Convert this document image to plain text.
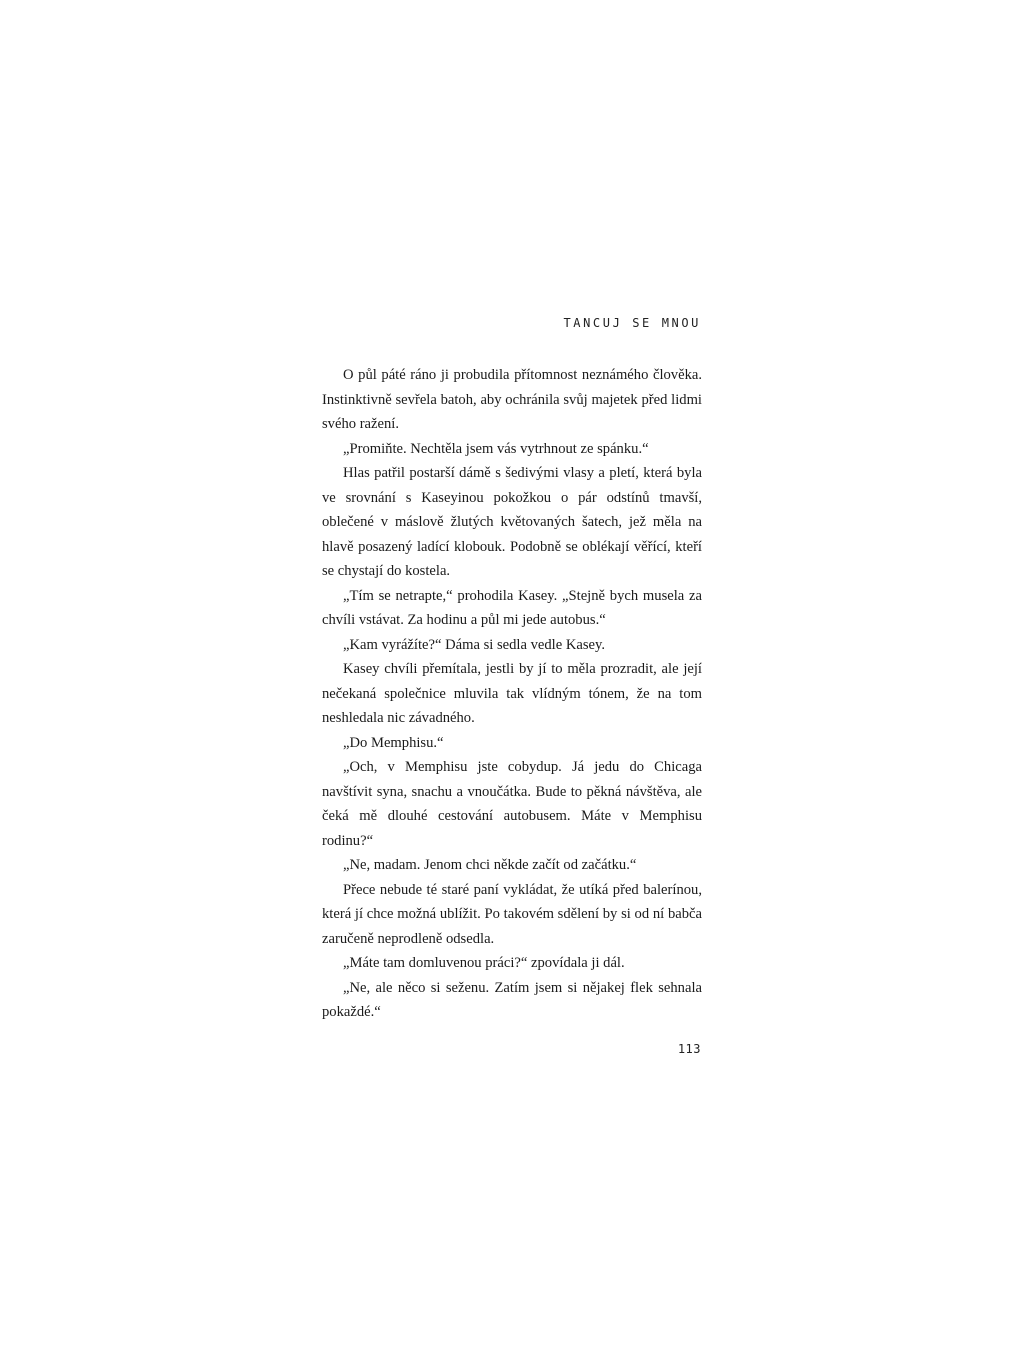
TANCUJ SE MNOU

O půl páté ráno ji probudila přítomnost neznámého člověka. Instinktivně sevřela batoh, aby ochránila svůj majetek před lidmi svého ražení.

„Promiňte. Nechtěla jsem vás vytrhnout ze spánku.“

Hlas patřil postarší dámě s šedivými vlasy a pletí, která byla ve srovnání s Kaseyinou pokožkou o pár odstínů tmavší, oblečené v máslově žlutých květovaných šatech, jež měla na hlavě posazený ladící klobouk. Podobně se oblékají věřící, kteří se chystají do kostela.

„Tím se netrapte,“ prohodila Kasey. „Stejně bych musela za chvíli vstávat. Za hodinu a půl mi jede autobus.“

„Kam vyrážíte?“ Dáma si sedla vedle Kasey.

Kasey chvíli přemítala, jestli by jí to měla prozradit, ale její nečekaná společnice mluvila tak vlídným tónem, že na tom neshledala nic závadného.

„Do Memphisu.“

„Och, v Memphisu jste cobydup. Já jedu do Chicaga navštívit syna, snachu a vnoučátka. Bude to pěkná návštěva, ale čeká mě dlouhé cestování autobusem. Máte v Memphisu rodinu?“

„Ne, madam. Jenom chci někde začít od začátku.“

Přece nebude té staré paní vykládat, že utíká před balerínou, která jí chce možná ublížit. Po takovém sdělení by si od ní babča zaručeně neprodleně odsedla.

„Máte tam domluvenou práci?“ zpovídala ji dál.

„Ne, ale něco si seženu. Zatím jsem si nějakej flek sehnala pokaždé.“

113
